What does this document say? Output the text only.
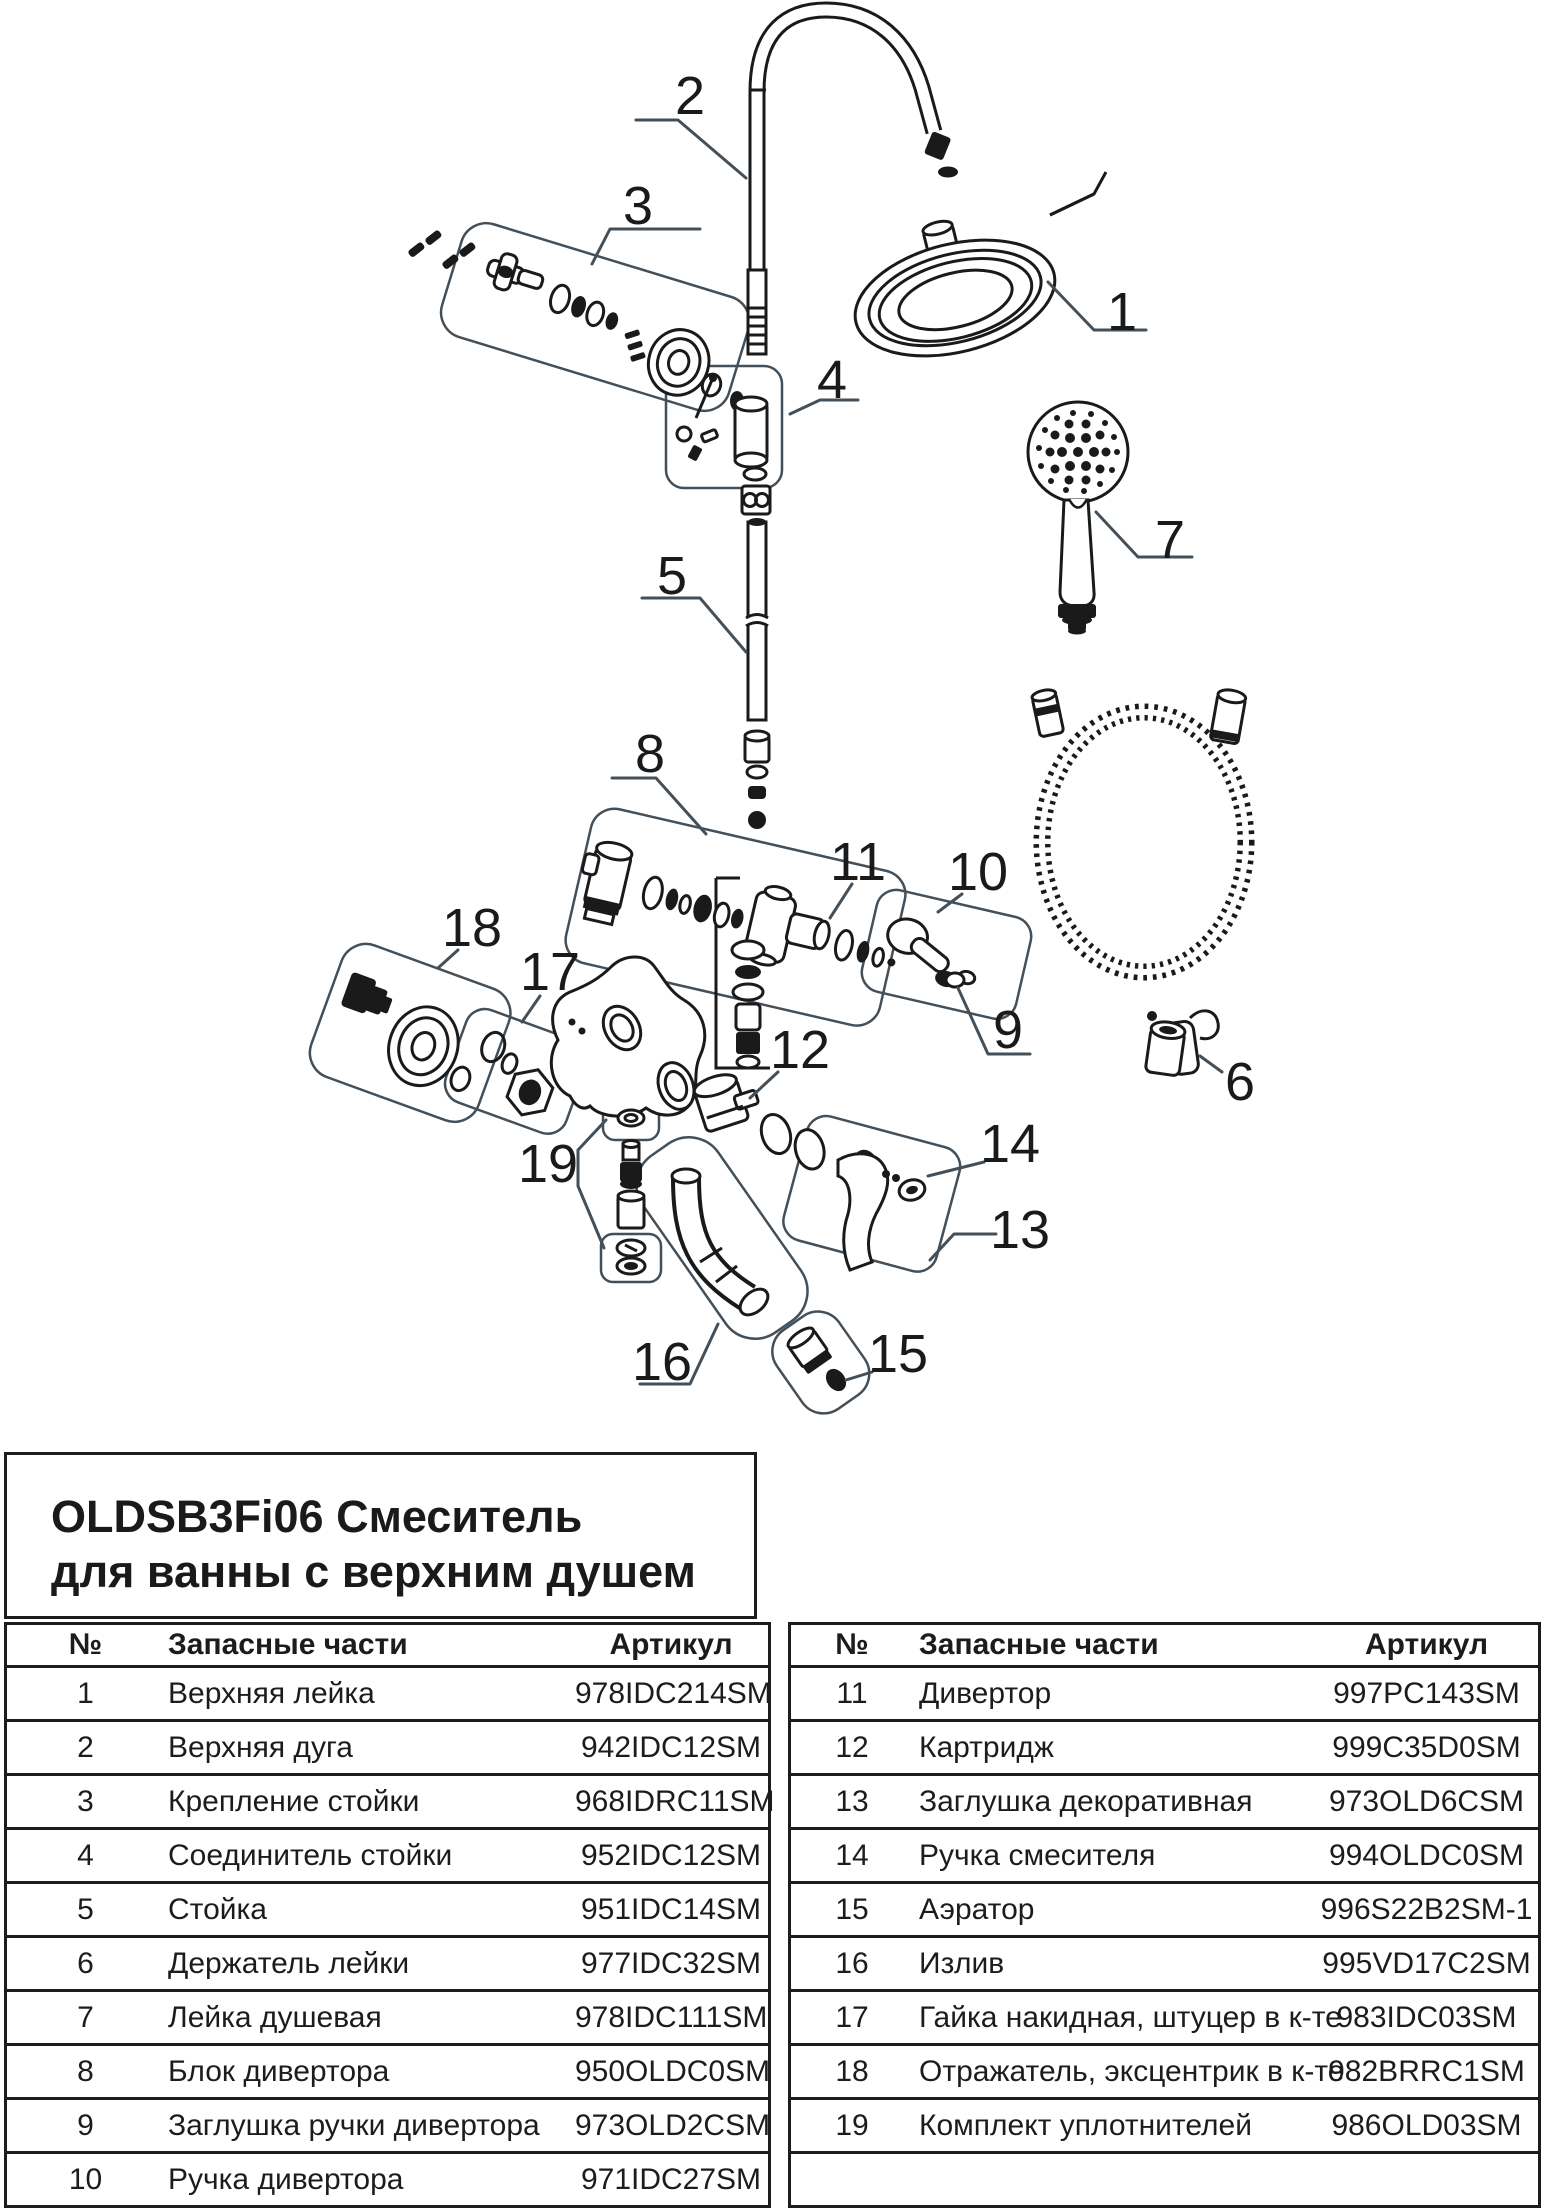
1
2
3
4
5
6
7
8
9
10
11
12
13
14
15
16
17
18
19
OLDSB3Fi06 Смеситель
для ванны с верхним душем
№	Запасные части	Артикул
1	Верхняя лейка	978IDC214SM
2	Верхняя дуга	942IDC12SM
3	Крепление стойки	968IDRC11SM
4	Соединитель стойки	952IDC12SM
5	Стойка	951IDC14SM
6	Держатель лейки	977IDC32SM
7	Лейка душевая	978IDC111SM
8	Блок дивертора	950OLDC0SM
9	Заглушка ручки дивертора	973OLD2CSM
10	Ручка дивертора	971IDC27SM
№	Запасные части	Артикул
11	Дивертор	997PC143SM
12	Картридж	999C35D0SM
13	Заглушка декоративная	973OLD6CSM
14	Ручка смесителя	994OLDC0SM
15	Аэратор	996S22B2SM-1
16	Излив	995VD17C2SM
17	Гайка накидная, штуцер в к-те	983IDC03SM
18	Отражатель, эксцентрик в к-те	982BRRC1SM
19	Комплект уплотнителей	986OLD03SM
